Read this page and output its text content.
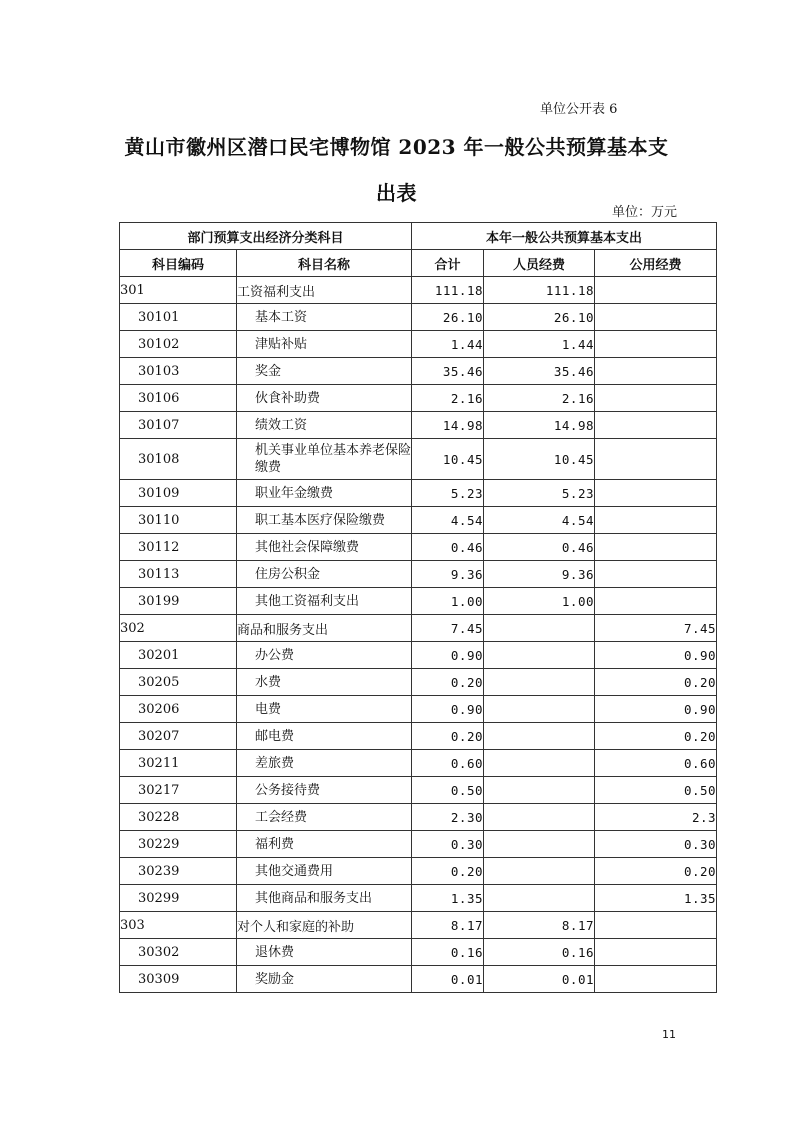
单位公开表 6
黄山市徽州区潜口民宅博物馆 2023 年一般公共预算基本支
出表
单位：万元
部门预算支出经济分类科目		本年一般公共预算基本支出		
科目编码	科目名称	合计	人员经费	公用经费
301	工资福利支出	111.18	111.18	
30101	基本工资	26.10	26.10	
30102	津贴补贴	1.44	1.44	
30103	奖金	35.46	35.46	
30106	伙食补助费	2.16	2.16	
30107	绩效工资	14.98	14.98	
30108	机关事业单位基本养老保险缴费	10.45	10.45	
30109	职业年金缴费	5.23	5.23	
30110	职工基本医疗保险缴费	4.54	4.54	
30112	其他社会保障缴费	0.46	0.46	
30113	住房公积金	9.36	9.36	
30199	其他工资福利支出	1.00	1.00	
302	商品和服务支出	7.45		7.45
30201	办公费	0.90		0.90
30205	水费	0.20		0.20
30206	电费	0.90		0.90
30207	邮电费	0.20		0.20
30211	差旅费	0.60		0.60
30217	公务接待费	0.50		0.50
30228	工会经费	2.30		2.3
30229	福利费	0.30		0.30
30239	其他交通费用	0.20		0.20
30299	其他商品和服务支出	1.35		1.35
303	对个人和家庭的补助	8.17	8.17	
30302	退休费	0.16	0.16	
30309	奖励金	0.01	0.01	
11
